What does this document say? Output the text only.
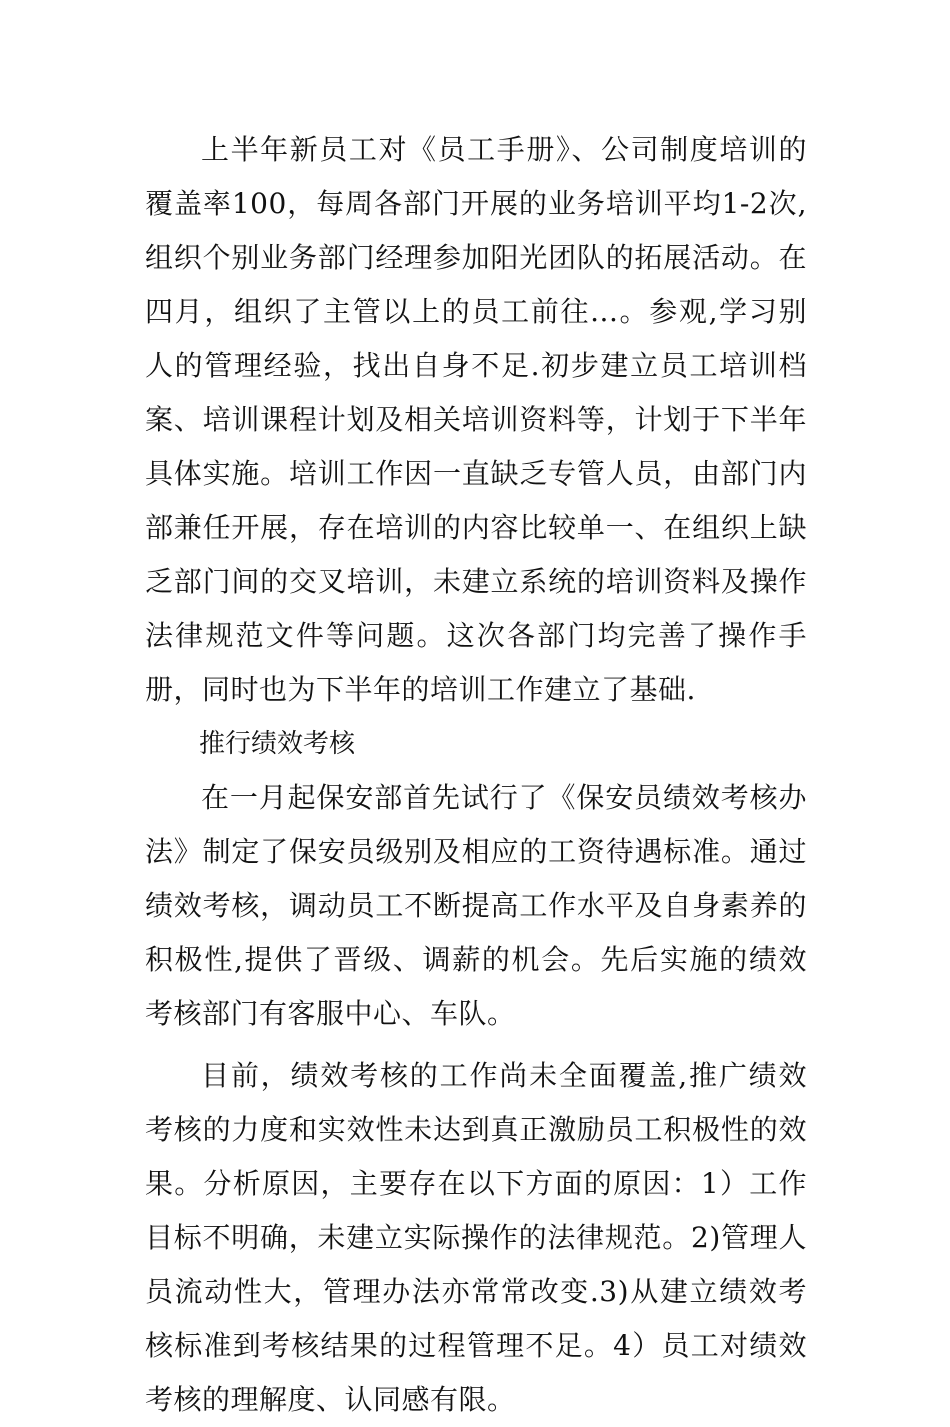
上半年新员工对《员工手册》、公司制度培训的覆盖率100，每周各部门开展的业务培训平均1-2次,组织个别业务部门经理参加阳光团队的拓展活动。在四月，组织了主管以上的员工前往...。参观,学习别人的管理经验，找出自身不足.初步建立员工培训档案、培训课程计划及相关培训资料等，计划于下半年具体实施。培训工作因一直缺乏专管人员，由部门内部兼任开展，存在培训的内容比较单一、在组织上缺乏部门间的交叉培训，未建立系统的培训资料及操作法律规范文件等问题。这次各部门均完善了操作手册，同时也为下半年的培训工作建立了基础.

推行绩效考核

在一月起保安部首先试行了《保安员绩效考核办法》制定了保安员级别及相应的工资待遇标准。通过绩效考核，调动员工不断提高工作水平及自身素养的积极性,提供了晋级、调薪的机会。先后实施的绩效考核部门有客服中心、车队。

目前，绩效考核的工作尚未全面覆盖,推广绩效考核的力度和实效性未达到真正激励员工积极性的效果。分析原因，主要存在以下方面的原因：1）工作目标不明确，未建立实际操作的法律规范。2)管理人员流动性大，管理办法亦常常改变.3)从建立绩效考核标准到考核结果的过程管理不足。4）员工对绩效考核的理解度、认同感有限。
